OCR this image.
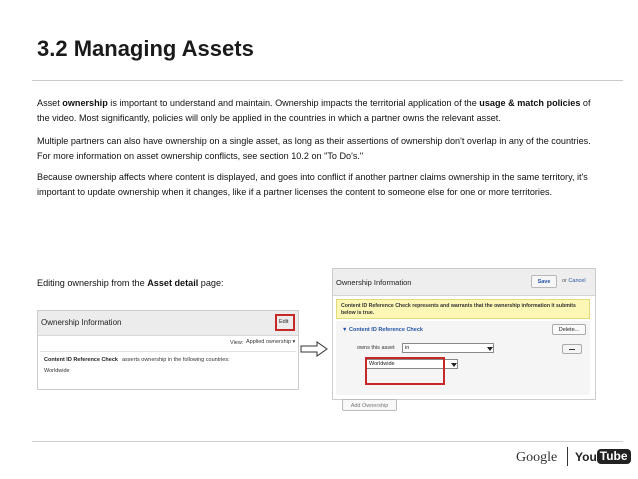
3.2 Managing Assets
Asset ownership is important to understand and maintain. Ownership impacts the territorial application of the usage & match policies of the video. Most significantly, policies will only be applied in the countries in which a partner owns the relevant asset.
Multiple partners can also have ownership on a single asset, as long as their assertions of ownership don't overlap in any of the countries. For more information on asset ownership conflicts, see section 10.2 on "To Do's."
Because ownership affects where content is displayed, and goes into conflict if another partner claims ownership in the same territory, it's important to update ownership when it changes, like if a partner licenses the content to someone else for one or more territories.
Editing ownership from the Asset detail page:
Ownership Information	Edit
View: Applied ownership ▾
Content ID Reference Check asserts ownership in the following countries:
Worldwide
Ownership Information	Save	or Cancel
Content ID Reference Check represents and warrants that the ownership information it submits below is true.
▼ Content ID Reference Check	Delete...
owns this asset in
Worldwide
Add Ownership
Google You Tube
